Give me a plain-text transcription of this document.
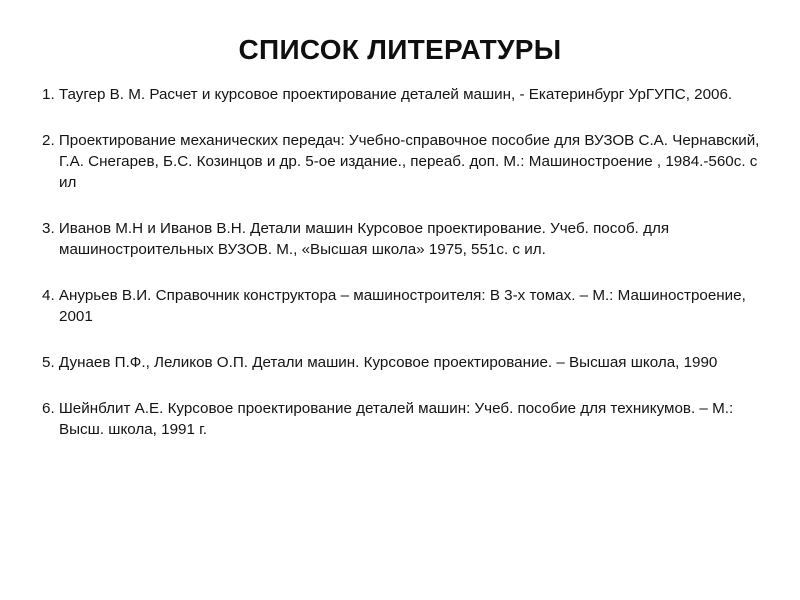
СПИСОК ЛИТЕРАТУРЫ
1. Таугер В. М. Расчет и курсовое проектирование деталей машин, - Екатеринбург УрГУПС, 2006.
2. Проектирование механических передач: Учебно-справочное пособие для ВУЗОВ С.А. Чернавский, Г.А. Снегарев, Б.С. Козинцов и др. 5-ое издание., переаб. доп. М.: Машиностроение , 1984.-560с. с ил
3. Иванов М.Н и Иванов В.Н. Детали машин Курсовое проектирование. Учеб. пособ. для машиностроительных ВУЗОВ. М., «Высшая школа» 1975, 551с. с ил.
4. Анурьев В.И. Справочник конструктора – машиностроителя: В 3-х томах. – М.: Машиностроение, 2001
5. Дунаев П.Ф., Леликов О.П. Детали машин. Курсовое проектирование. – Высшая школа, 1990
6. Шейнблит А.Е. Курсовое проектирование деталей машин: Учеб. пособие для техникумов. – М.: Высш. школа, 1991 г.
